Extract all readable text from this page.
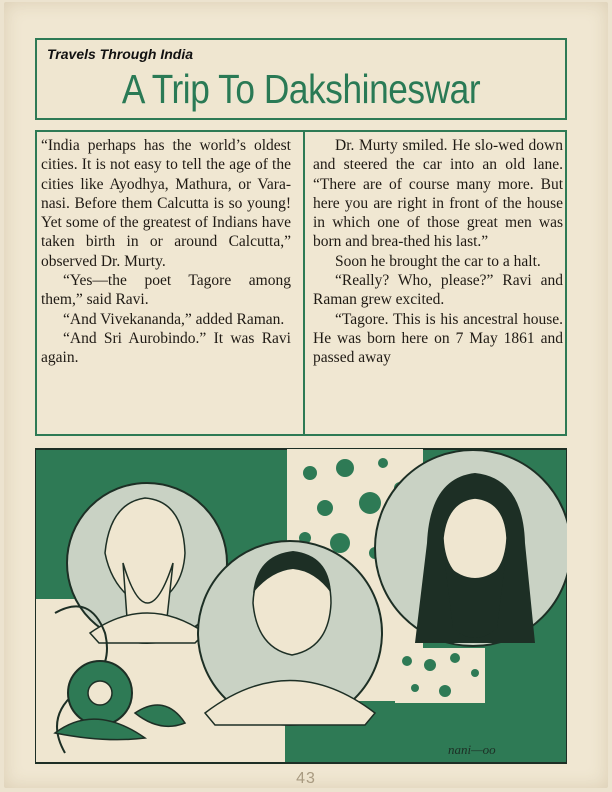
Travels Through India
A Trip To Dakshineswar

“India perhaps has the world’s oldest cities. It is not easy to tell the age of the cities like Ayodhya, Mathura, or Vara-nasi. Before them Calcutta is so young! Yet some of the greatest of Indians have taken birth in or around Calcutta,” observed Dr. Murty.

“Yes—the poet Tagore among them,” said Ravi.

“And Vivekananda,” added Raman.

“And Sri Aurobindo.” It was Ravi again.

Dr. Murty smiled. He slo-wed down and steered the car into an old lane. “There are of course many more. But here you are right in front of the house in which one of those great men was born and brea-thed his last.”

Soon he brought the car to a halt.

“Really? Who, please?” Ravi and Raman grew excited.

“Tagore. This is his ancestral house. He was born here on 7 May 1861 and passed away

nani—oo
43
